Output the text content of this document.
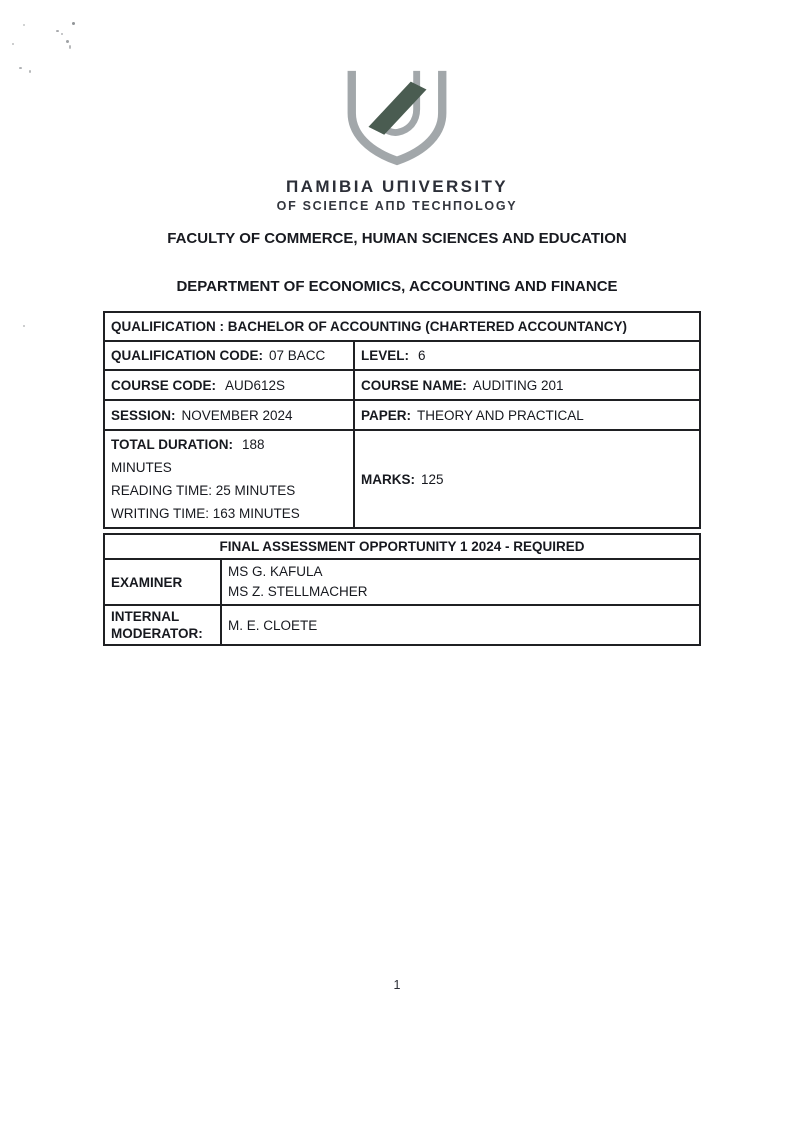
ΠAMIBIA UΠIVERSITY
OF SCIEΠCE AΠD TECHΠOLOGY
FACULTY OF COMMERCE, HUMAN SCIENCES AND EDUCATION
DEPARTMENT OF ECONOMICS, ACCOUNTING AND FINANCE
QUALIFICATION : BACHELOR OF ACCOUNTING (CHARTERED ACCOUNTANCY)	
QUALIFICATION CODE: 07 BACC	LEVEL: 6
COURSE CODE: AUD612S	COURSE NAME: AUDITING 201
SESSION: NOVEMBER 2024	PAPER: THEORY AND PRACTICAL

TOTAL DURATION: 188
MINUTES
READING TIME: 25 MINUTES
WRITING TIME: 163 MINUTES	MARKS: 125
FINAL ASSESSMENT OPPORTUNITY 1 2024 - REQUIRED	
EXAMINER	MS G. KAFULA
MS Z. STELLMACHER

INTERNAL
MODERATOR:	M. E. CLOETE
1
